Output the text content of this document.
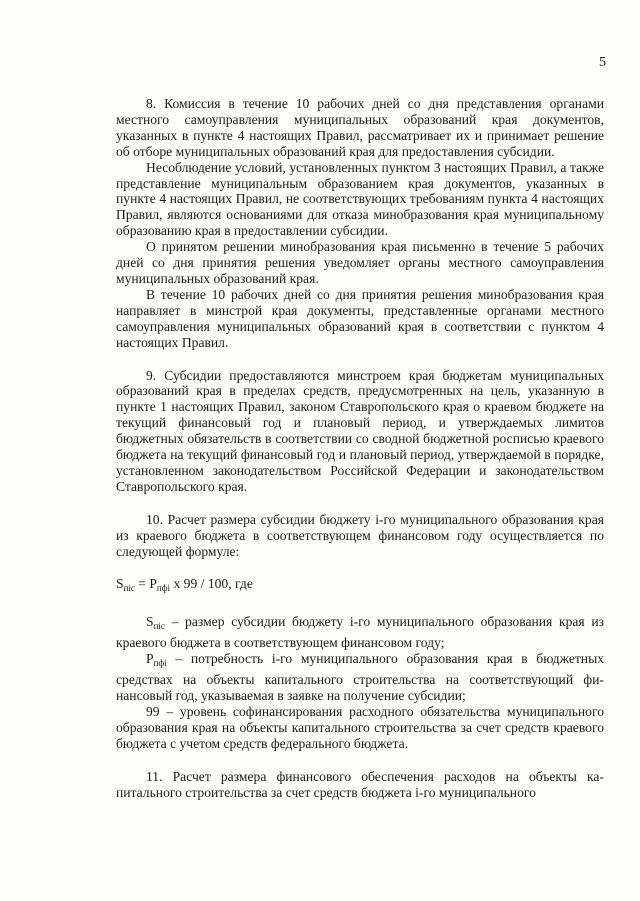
5

8. Комиссия в течение 10 рабочих дней со дня представления органами местного самоуправления муниципальных образований края документов, указанных в пункте 4 настоящих Правил, рассматривает их и принимает решение об отборе муниципальных образований края для предоставления субсидии.

Несоблюдение условий, установленных пунктом 3 настоящих Правил, а также представление муниципальным образованием края документов, указанных в пункте 4 настоящих Правил, не соответствующих требованиям пункта 4 настоящих Правил, являются основаниями для отказа минобразования края муниципальному образованию края в предоставлении субсидии.

О принятом решении минобразования края письменно в течение 5 рабочих дней со дня принятия решения уведомляет органы местного самоуправления муниципальных образований края.

В течение 10 рабочих дней со дня принятия решения минобразования края направляет в минстрой края документы, представленные органами местного самоуправления муниципальных образований края в соответствии с пунктом 4 настоящих Правил.

9. Субсидии предоставляются минстроем края бюджетам муниципальных образований края в пределах средств, предусмотренных на цель, указанную в пункте 1 настоящих Правил, законом Ставропольского края о краевом бюджете на текущий финансовый год и плановый период, и утверждаемых лимитов бюджетных обязательств в соответствии со сводной бюджетной росписью краевого бюджета на текущий финансовый год и плановый период, утверждаемой в порядке, установленном законодательством Российской Федерации и законодательством Ставропольского края.

10. Расчет размера субсидии бюджету i-го муниципального образования края из краевого бюджета в соответствующем финансовом году осуществляется по следующей формуле:

$S_{піс} = Р_{пфі}$ х 99 / 100, где

$S_{піс}$ – размер субсидии бюджету i-го муниципального образования края из краевого бюджета в соответствующем финансовом году;

$Р_{пфі}$ – потребность i-го муниципального образования края в бюджетных средствах на объекты капитального строительства на соответствующий финансовый год, указываемая в заявке на получение субсидии;

99 – уровень софинансирования расходного обязательства муниципального образования края на объекты капитального строительства за счет средств краевого бюджета с учетом средств федерального бюджета.

11. Расчет размера финансового обеспечения расходов на объекты капитального строительства за счет средств бюджета i-го муниципального
